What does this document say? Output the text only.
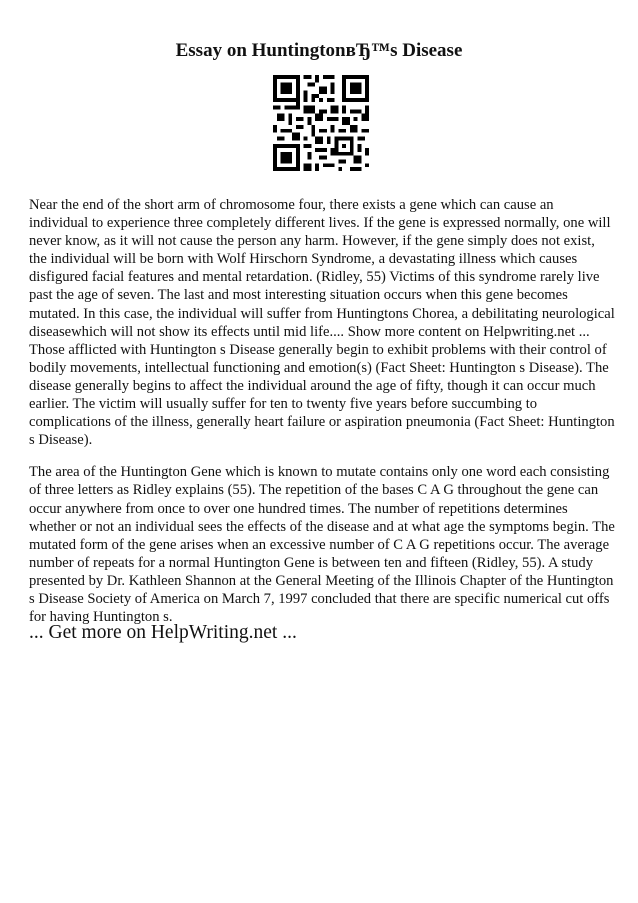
Essay on HuntingtonвЂ™s Disease

Near the end of the short arm of chromosome four, there exists a gene which can cause an individual to experience three completely different lives. If the gene is expressed normally, one will never know, as it will not cause the person any harm. However, if the gene simply does not exist, the individual will be born with Wolf Hirschorn Syndrome, a devastating illness which causes disfigured facial features and mental retardation. (Ridley, 55) Victims of this syndrome rarely live past the age of seven. The last and most interesting situation occurs when this gene becomes mutated. In this case, the individual will suffer from Huntingtons Chorea, a debilitating neurological diseasewhich will not show its effects until mid life.... Show more content on Helpwriting.net ... Those afflicted with Huntington s Disease generally begin to exhibit problems with their control of bodily movements, intellectual functioning and emotion(s) (Fact Sheet: Huntington s Disease). The disease generally begins to affect the individual around the age of fifty, though it can occur much earlier. The victim will usually suffer for ten to twenty five years before succumbing to complications of the illness, generally heart failure or aspiration pneumonia (Fact Sheet: Huntington s Disease).

The area of the Huntington Gene which is known to mutate contains only one word each consisting of three letters as Ridley explains (55). The repetition of the bases C A G throughout the gene can occur anywhere from once to over one hundred times. The number of repetitions determines whether or not an individual sees the effects of the disease and at what age the symptoms begin. The mutated form of the gene arises when an excessive number of C A G repetitions occur. The average number of repeats for a normal Huntington Gene is between ten and fifteen (Ridley, 55). A study presented by Dr. Kathleen Shannon at the General Meeting of the Illinois Chapter of the Huntington s Disease Society of America on March 7, 1997 concluded that there are specific numerical cut offs for having Huntington s.

... Get more on HelpWriting.net ...
